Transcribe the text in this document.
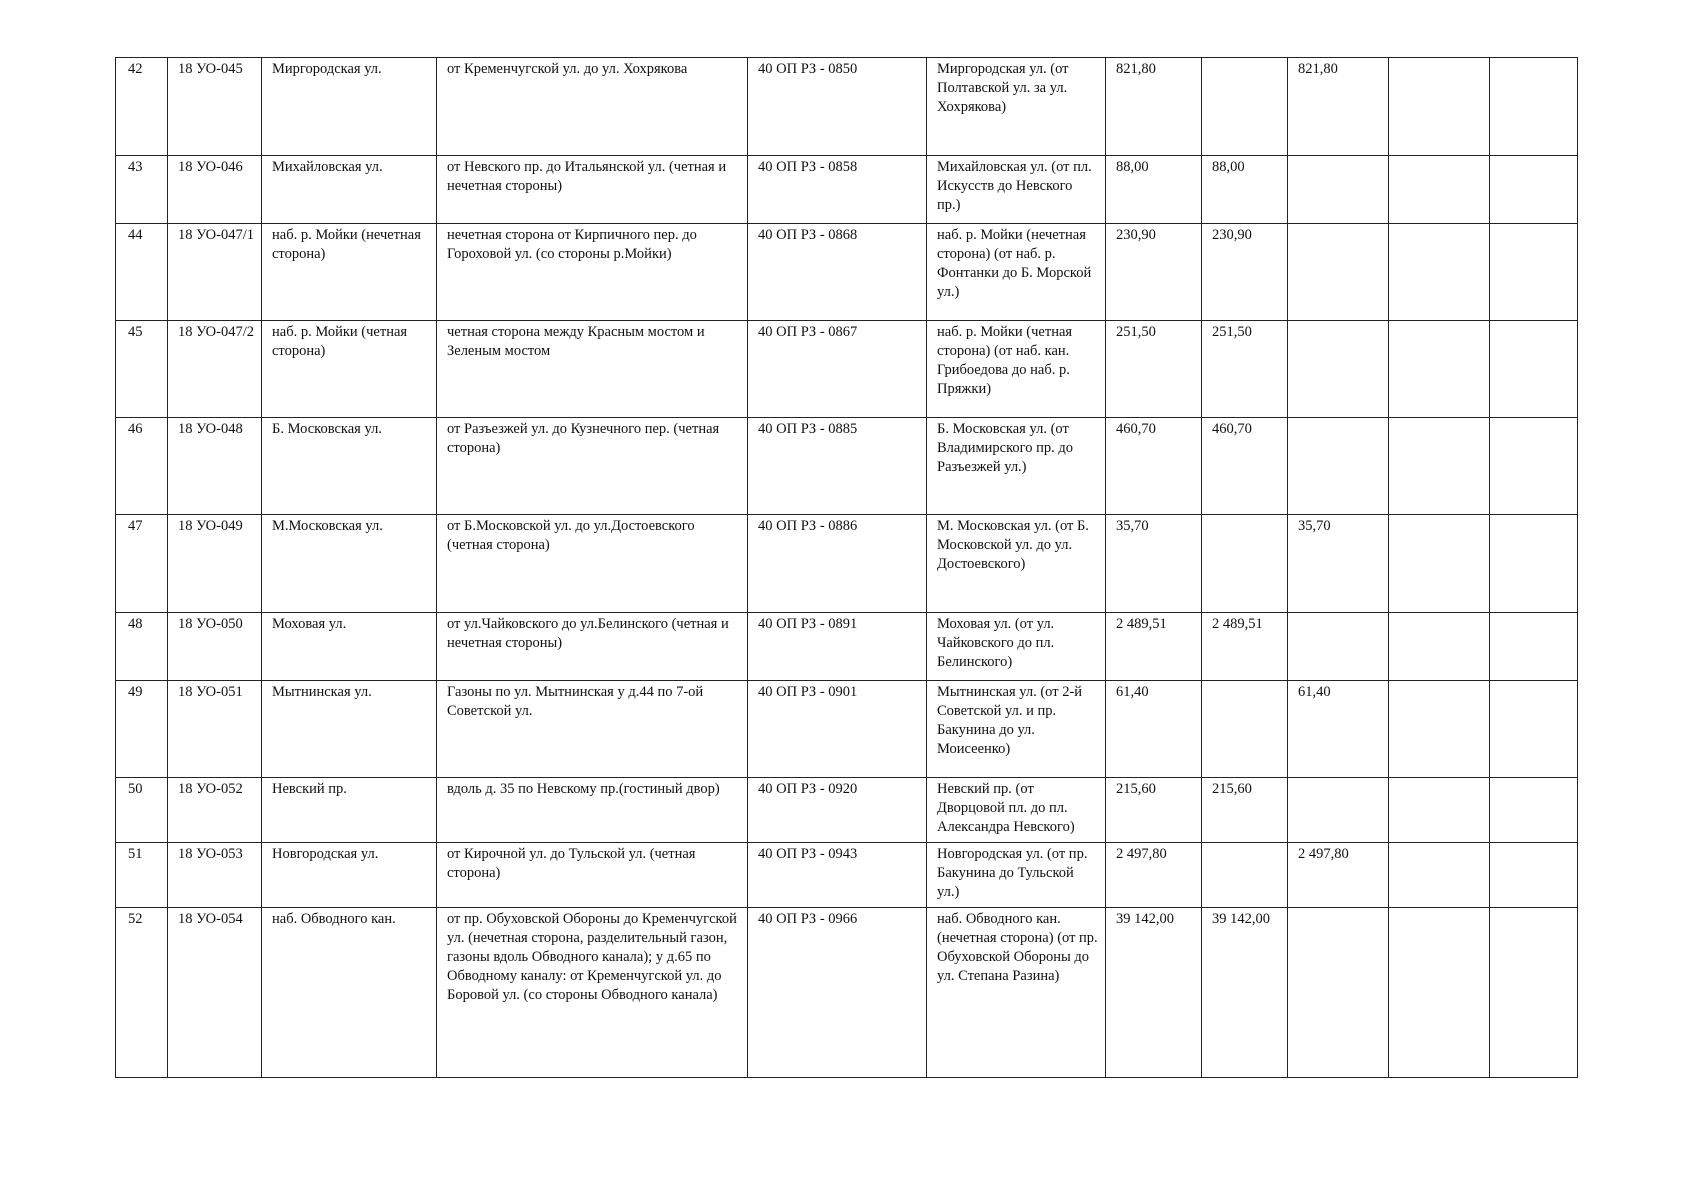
42	18 УО-045	Миргородская ул.	от Кременчугской ул. до ул. Хохрякова	40 ОП РЗ - 0850	Миргородская ул. (от Полтавской ул. за ул. Хохрякова)	821,80		821,80		
43	18 УО-046	Михайловская ул.	от Невского пр. до Итальянской ул. (четная и нечетная стороны)	40 ОП РЗ - 0858	Михайловская ул. (от пл. Искусств до Невского пр.)	88,00	88,00			
44	18 УО-047/1	наб. р. Мойки (нечетная сторона)	нечетная сторона от Кирпичного пер. до Гороховой ул. (со стороны р.Мойки)	40 ОП РЗ - 0868	наб. р. Мойки (нечетная сторона) (от наб. р. Фонтанки до Б. Морской ул.)	230,90	230,90			
45	18 УО-047/2	наб. р. Мойки (четная сторона)	четная сторона между Красным мостом и Зеленым мостом	40 ОП РЗ - 0867	наб. р. Мойки (четная сторона) (от наб. кан. Грибоедова до наб. р. Пряжки)	251,50	251,50			
46	18 УО-048	Б. Московская ул.	от Разъезжей ул. до Кузнечного пер. (четная сторона)	40 ОП РЗ - 0885	Б. Московская ул. (от Владимирского пр. до Разъезжей ул.)	460,70	460,70			
47	18 УО-049	М.Московская ул.	от Б.Московской ул. до ул.Достоевского (четная сторона)	40 ОП РЗ - 0886	М. Московская ул. (от Б. Московской ул. до ул. Достоевского)	35,70		35,70		
48	18 УО-050	Моховая ул.	от ул.Чайковского до ул.Белинского (четная и нечетная стороны)	40 ОП РЗ - 0891	Моховая ул. (от ул. Чайковского до пл. Белинского)	2 489,51	2 489,51			
49	18 УО-051	Мытнинская ул.	Газоны по ул. Мытнинская у д.44 по 7-ой Советской ул.	40 ОП РЗ - 0901	Мытнинская ул. (от 2-й Советской ул. и пр. Бакунина до ул. Моисеенко)	61,40		61,40		
50	18 УО-052	Невский пр.	вдоль д. 35 по Невскому пр.(гостиный двор)	40 ОП РЗ - 0920	Невский пр. (от Дворцовой пл. до пл. Александра Невского)	215,60	215,60			
51	18 УО-053	Новгородская ул.	от Кирочной ул. до Тульской ул. (четная сторона)	40 ОП РЗ - 0943	Новгородская ул. (от пр. Бакунина до Тульской ул.)	2 497,80		2 497,80		
52	18 УО-054	наб. Обводного кан.	от пр. Обуховской Обороны до Кременчугской ул. (нечетная сторона, разделительный газон, газоны вдоль Обводного канала); у д.65 по Обводному каналу: от Кременчугской ул. до Боровой ул. (со стороны Обводного канала)	40 ОП РЗ - 0966	наб. Обводного кан. (нечетная сторона) (от пр. Обуховской Обороны до ул. Степана Разина)	39 142,00	39 142,00			
